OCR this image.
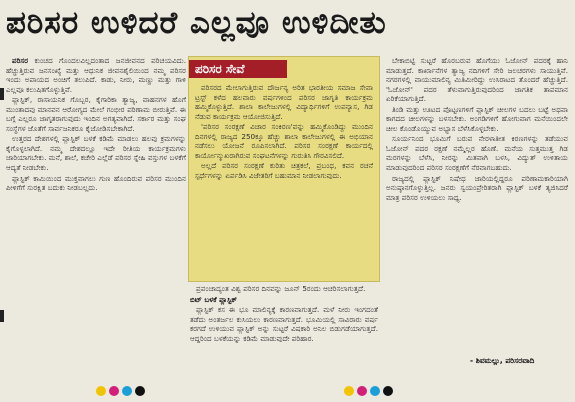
ಪರಿಸರ ಉಳಿದರೆ ಎಲ್ಲವೂ ಉಳಿದೀತು

ಪರಿಸರ ಕುಂಚದ ಗೊಂದಲವಿಲ್ಲದಂತಾದ ಜನಜೀವನದ ಪರಿಚಯವಿದು. ಹೆಚ್ಚುತ್ತಿರುವ ಜನಸಂಖ್ಯೆ ಮತ್ತು ಆಧುನಿಕ ಜೀವನಶೈಲಿಯಿಂದ ನಮ್ಮ ಪರಿಸರ ಇಂದು ಅಪಾಯದ ಅಂಚಿಗೆ ತಲುಪಿದೆ. ಕಾಡು, ನೀರು, ಮಣ್ಣು ಮತ್ತು ಗಾಳಿ ಎಲ್ಲವೂ ಕಲುಷಿತಗೊಳ್ಳುತ್ತಿವೆ.

ಪ್ಲಾಸ್ಟಿಕ್, ರಾಸಾಯನಿಕ ಗೊಬ್ಬರ, ಕೈಗಾರಿಕಾ ತ್ಯಾಜ್ಯ, ವಾಹನಗಳ ಹೊಗೆ ಮುಂತಾದವು ಮಾನವನ ಆರೋಗ್ಯದ ಮೇಲೆ ಗಂಭೀರ ಪರಿಣಾಮ ಬೀರುತ್ತಿವೆ. ಈ ಬಗ್ಗೆ ಎಲ್ಲರೂ ಜಾಗೃತರಾಗುವುದು ಇಂದಿನ ಅಗತ್ಯವಾಗಿದೆ. ಸರ್ಕಾರ ಮತ್ತು ಸಂಘ ಸಂಸ್ಥೆಗಳ ಜೊತೆಗೆ ಸಾರ್ವಜನಿಕರೂ ಕೈಜೋಡಿಸಬೇಕಾಗಿದೆ.

ಉತ್ತರದ ದೇಶಗಳಲ್ಲಿ ಪ್ಲಾಸ್ಟಿಕ್ ಬಳಕೆ ಕಡಿಮೆ ಮಾಡಲು ಹಲವು ಕ್ರಮಗಳನ್ನು ಕೈಗೊಳ್ಳಲಾಗಿದೆ. ನಮ್ಮ ದೇಶದಲ್ಲೂ ಇದೇ ರೀತಿಯ ಕಾರ್ಯಕ್ರಮಗಳು ಜಾರಿಯಾಗಬೇಕು. ಮನೆ, ಶಾಲೆ, ಕಚೇರಿ ಎಲ್ಲೆಡೆ ಪರಿಸರ ಸ್ನೇಹಿ ವಸ್ತುಗಳ ಬಳಕೆಗೆ ಆದ್ಯತೆ ನೀಡಬೇಕು.

ಪ್ಲಾಸ್ಟಿಕ್ ಕಾಮಿಯಿಂದ ಮುಕ್ತವಾಗಲು ಗುಣ ಹೊಂದಿರುವ ಪರಿಸರ ಮುಂದಿನ ಪೀಳಿಗೆಗೆ ಸುರಕ್ಷಿತ ಬದುಕು ನೀಡಬಲ್ಲದು.

ಪರಿಸರ ಸೇವೆ

ಪರಿಸರದ ಮೇಲಾಗುತ್ತಿರುವ ದೌರ್ಜನ್ಯ ಅರಿತ ಭಾರತೀಯ ಸಮಾಜ ಸೇವಾ ಟ್ರಸ್ಟ್ ಕಳೆದ ಹಲವಾರು ವರ್ಷಗಳಿಂದ ಪರಿಸರ ಜಾಗೃತಿ ಕಾರ್ಯಕ್ರಮ ಹಮ್ಮಿಕೊಳ್ಳುತ್ತಿದೆ. ಶಾಲಾ ಕಾಲೇಜುಗಳಲ್ಲಿ ವಿದ್ಯಾರ್ಥಿಗಳಿಗೆ ಉಪನ್ಯಾಸ, ಗಿಡ ನೆಡುವ ಕಾರ್ಯಕ್ರಮ ಆಯೋಜಿಸುತ್ತಿದೆ.

'ಪರಿಸರ ಸಂರಕ್ಷಣೆ ವಿಚಾರ ಸಂಕಿರಣ'ವನ್ನು ಹಮ್ಮಿಕೊಂಡಿದ್ದು ಮುಂದಿನ ದಿನಗಳಲ್ಲಿ ರಾಜ್ಯದ 250ಕ್ಕೂ ಹೆಚ್ಚು ಶಾಲಾ ಕಾಲೇಜುಗಳಲ್ಲಿ ಈ ಅಭಿಯಾನ ನಡೆಸಲು ಯೋಜನೆ ರೂಪಿಸಲಾಗಿದೆ. ಪರಿಸರ ಸಂರಕ್ಷಣೆ ಕಾರ್ಯದಲ್ಲಿ ಕಾರ್ಯೋನ್ಮುಖರಾಗಿರುವ ಸಂಘಟನೆಗಳನ್ನು ಗುರುತಿಸಿ ಗೌರವಿಸಲಿದೆ.

ಅಲ್ಲದೆ ಪರಿಸರ ಸಂರಕ್ಷಣೆ ಕುರಿತು ಚಿತ್ರಕಲೆ, ಪ್ರಬಂಧ, ಕವನ ರಚನೆ ಸ್ಪರ್ಧೆಗಳನ್ನು ಏರ್ಪಡಿಸಿ ವಿಜೇತರಿಗೆ ಬಹುಮಾನ ನೀಡಲಾಗುವುದು.

ಪ್ರಪಂಚಾದ್ಯಂತ ವಿಶ್ವ ಪರಿಸರ ದಿನವನ್ನು ಜೂನ್ 5ರಂದು ಆಚರಿಸಲಾಗುತ್ತದೆ.

ಬಿಟ್ ಬಳಕೆ ಪ್ಲಾಸ್ಟಿಕ್

ಪ್ಲಾಸ್ಟಿಕ್ ಕಸ ಈ ಭೂ ಮಾಲಿನ್ಯಕ್ಕೆ ಕಾರಣವಾಗುತ್ತದೆ. ಮಳೆ ನೀರು ಇಂಗದಂತೆ ತಡೆದು ಅಂತರ್ಜಲ ಕುಸಿಯಲು ಕಾರಣವಾಗುತ್ತದೆ. ಭೂಮಿಯಲ್ಲಿ ಸಾವಿರಾರು ವರ್ಷ ಕರಗದೆ ಉಳಿಯುವ ಪ್ಲಾಸ್ಟಿಕ್ ಅನ್ನು ಸುಟ್ಟರೆ ವಿಷಕಾರಿ ಅನಿಲ ಬಿಡುಗಡೆಯಾಗುತ್ತದೆ. ಆದ್ದರಿಂದ ಬಳಕೆಯನ್ನು ಕಡಿಮೆ ಮಾಡುವುದೇ ಪರಿಹಾರ.

ಬೇಕಾಬಿಟ್ಟಿ ಸುಟ್ಟರೆ ಹೊರಬರುವ ಹೊಗೆಯು ಓಜೋನ್ ಪದರಕ್ಕೆ ಹಾನಿ ಮಾಡುತ್ತದೆ. ಕಾರ್ಖಾನೆಗಳ ತ್ಯಾಜ್ಯ ನದಿಗಳಿಗೆ ಸೇರಿ ಜಲಚರಗಳು ಸಾಯುತ್ತಿವೆ. ನಗರಗಳಲ್ಲಿ ವಾಯುಮಾಲಿನ್ಯ ಮಿತಿಮೀರಿದ್ದು ಉಸಿರಾಟದ ತೊಂದರೆ ಹೆಚ್ಚುತ್ತಿದೆ. 'ಓಜೋನ್' ಪದರ ತೆಳುವಾಗುತ್ತಿರುವುದರಿಂದ ಜಾಗತಿಕ ತಾಪಮಾನ ಏರಿಕೆಯಾಗುತ್ತಿದೆ.

ತಿಂಡಿ ಮತ್ತು ಊಟದ ಪೊಟ್ಟಣಗಳಿಗೆ ಪ್ಲಾಸ್ಟಿಕ್ ಚೀಲಗಳ ಬದಲು ಬಟ್ಟೆ ಅಥವಾ ಕಾಗದದ ಚೀಲಗಳನ್ನು ಬಳಸಬೇಕು. ಅಂಗಡಿಗಳಿಗೆ ಹೋಗುವಾಗ ಮನೆಯಿಂದಲೇ ಚೀಲ ಕೊಂಡೊಯ್ಯುವ ಅಭ್ಯಾಸ ಬೆಳೆಸಿಕೊಳ್ಳಬೇಕು.

ಸೂರ್ಯನಿಂದ ಭೂಮಿಗೆ ಬರುವ ನೇರಳಾತೀತ ಕಿರಣಗಳನ್ನು ತಡೆಯುವ ಓಜೋನ್ ಪದರ ರಕ್ಷಣೆ ನಮ್ಮೆಲ್ಲರ ಹೊಣೆ. ಮನೆಯ ಸುತ್ತಮುತ್ತ ಗಿಡ ಮರಗಳನ್ನು ಬೆಳೆಸಿ, ನೀರನ್ನು ಮಿತವಾಗಿ ಬಳಸಿ, ವಿದ್ಯುತ್ ಉಳಿತಾಯ ಮಾಡುವುದರಿಂದ ಪರಿಸರ ಸಂರಕ್ಷಣೆಗೆ ನೆರವಾಗಬಹುದು.

ರಾಜ್ಯದಲ್ಲಿ ಪ್ಲಾಸ್ಟಿಕ್ ನಿಷೇಧ ಜಾರಿಯಲ್ಲಿದ್ದರೂ ಪರಿಣಾಮಕಾರಿಯಾಗಿ ಅನುಷ್ಠಾನಗೊಳ್ಳುತ್ತಿಲ್ಲ. ಜನರು ಸ್ವಯಂಪ್ರೇರಿತರಾಗಿ ಪ್ಲಾಸ್ಟಿಕ್ ಬಳಕೆ ತ್ಯಜಿಸಿದರೆ ಮಾತ್ರ ಪರಿಸರ ಉಳಿಯಲು ಸಾಧ್ಯ.

- ಶಿವಮಲ್ಲು, ಪರಿಸರವಾದಿ
